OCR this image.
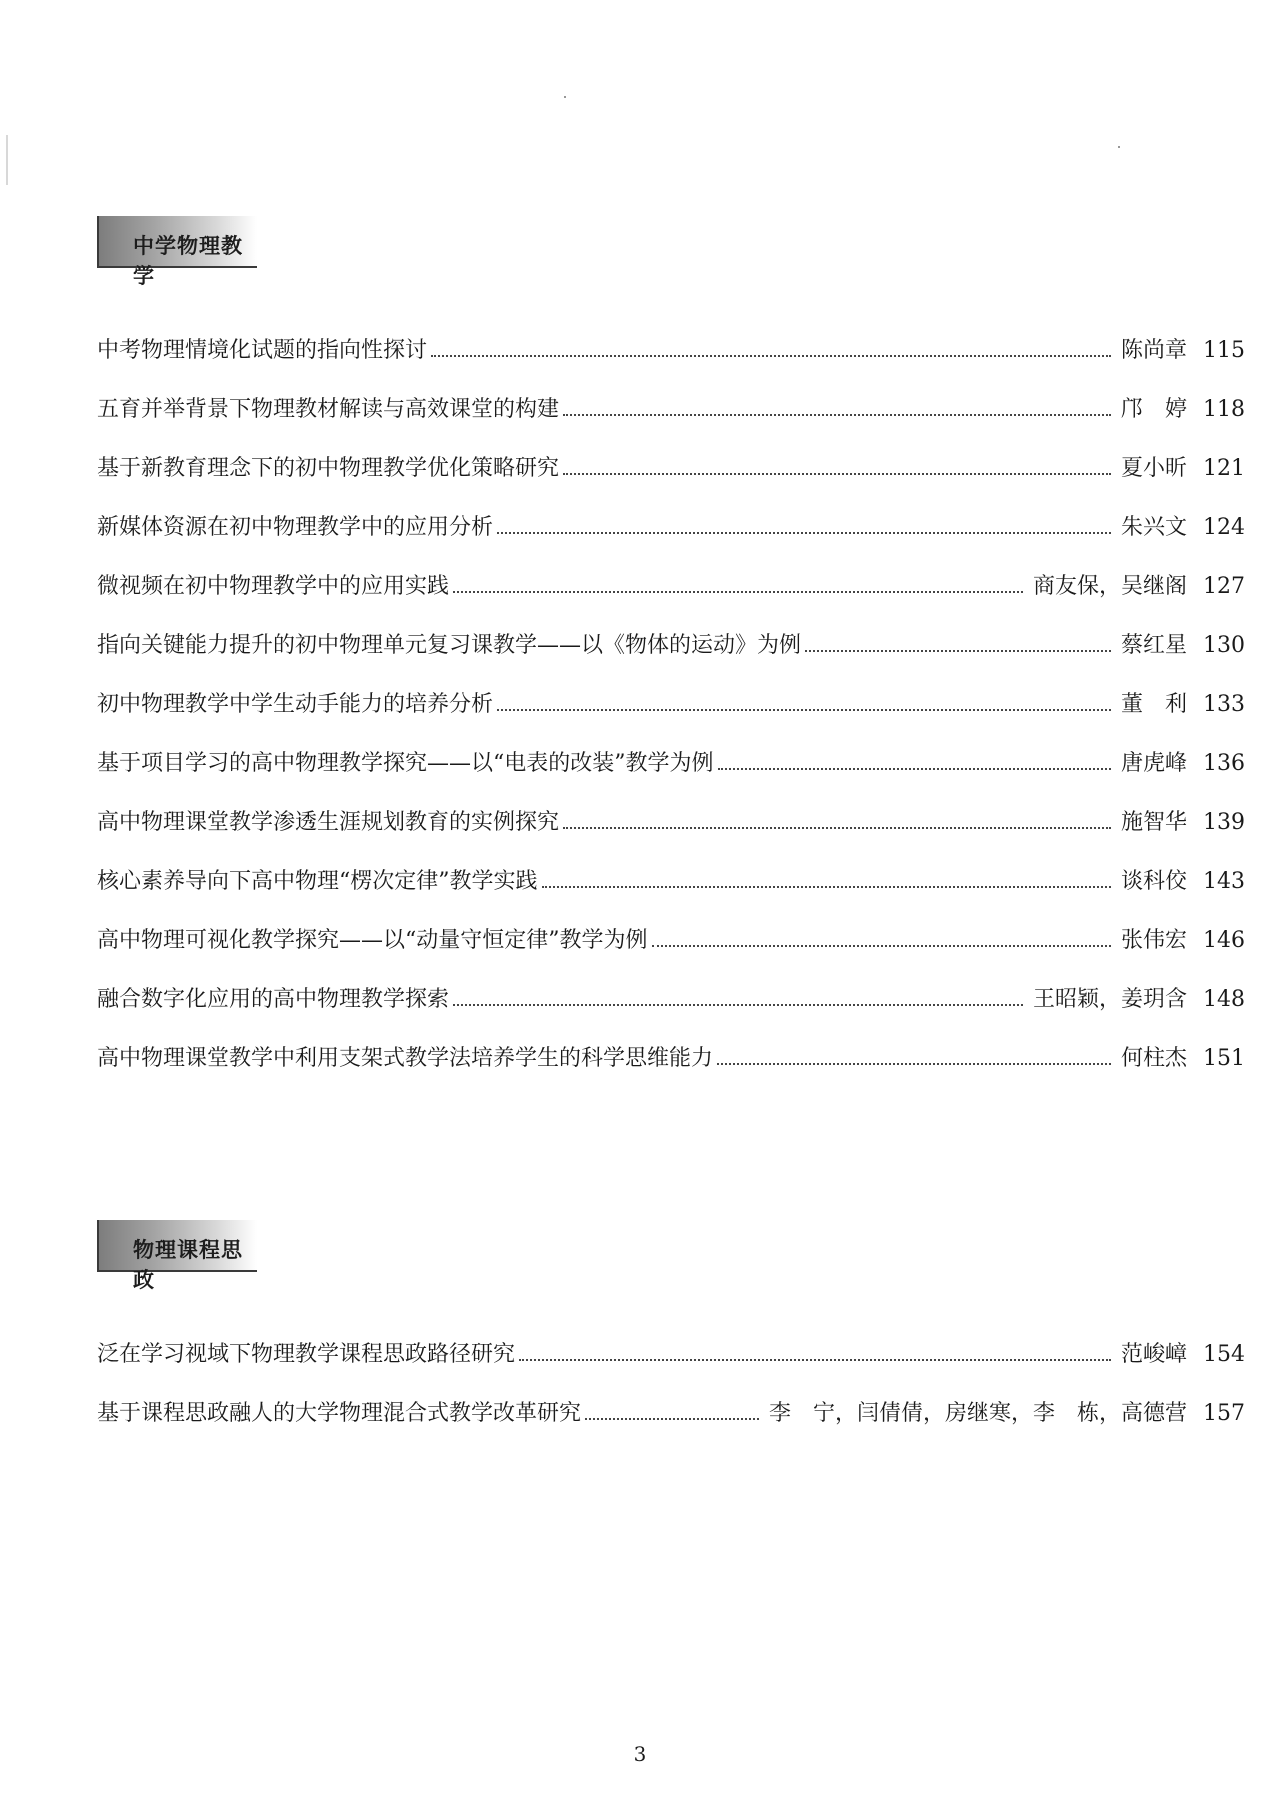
中学物理教学
中考物理情境化试题的指向性探讨	陈尚章 115
五育并举背景下物理教材解读与高效课堂的构建	邝　婷 118
基于新教育理念下的初中物理教学优化策略研究	夏小昕 121
新媒体资源在初中物理教学中的应用分析	朱兴文 124
微视频在初中物理教学中的应用实践	商友保，吴继阁 127
指向关键能力提升的初中物理单元复习课教学——以《物体的运动》为例	蔡红星 130
初中物理教学中学生动手能力的培养分析	董　利 133
基于项目学习的高中物理教学探究——以“电表的改装”教学为例	唐虎峰 136
高中物理课堂教学渗透生涯规划教育的实例探究	施智华 139
核心素养导向下高中物理“楞次定律”教学实践	谈科佼 143
高中物理可视化教学探究——以“动量守恒定律”教学为例	张伟宏 146
融合数字化应用的高中物理教学探索	王昭颖，姜玥含 148
高中物理课堂教学中利用支架式教学法培养学生的科学思维能力	何柱杰 151
物理课程思政
泛在学习视域下物理教学课程思政路径研究	范峻嶂 154
基于课程思政融人的大学物理混合式教学改革研究	李　宁，闫倩倩，房继寒，李　栋，高德营 157
3
